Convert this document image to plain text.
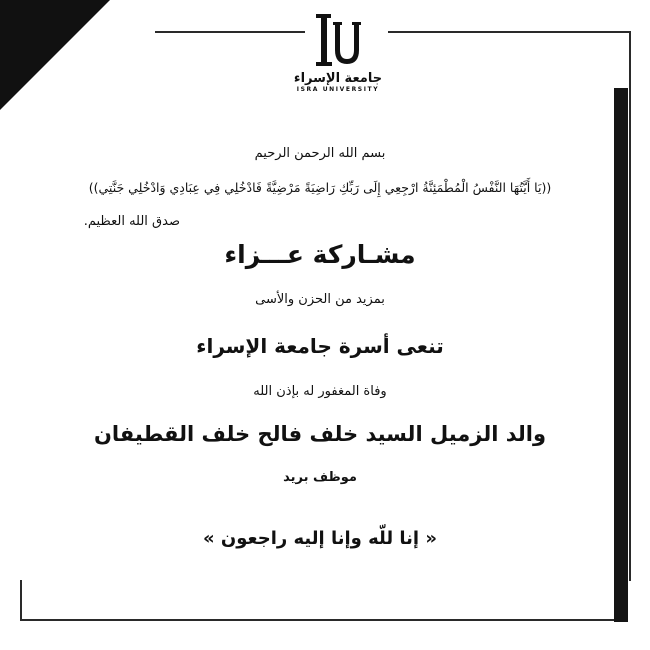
جامعة الإسراء
ISRA UNIVERSITY
بسم الله الرحمن الرحيم
((يَا أَيَّتُهَا النَّفْسُ الْمُطْمَئِنَّةُ ارْجِعِي إِلَى رَبِّكِ رَاضِيَةً مَرْضِيَّةً فَادْخُلِي فِي عِبَادِي وَادْخُلِي جَنَّتِي))
صدق الله العظيم.
مشـاركة عـــزاء
بمزيد من الحزن والأسى
تنعى أسرة جامعة الإسراء
وفاة المغفور له بإذن الله
والد الزميل السيد خلف فالح خلف القطيفان
موظف بريد
« إنا للّه وإنا إليه راجعون »
